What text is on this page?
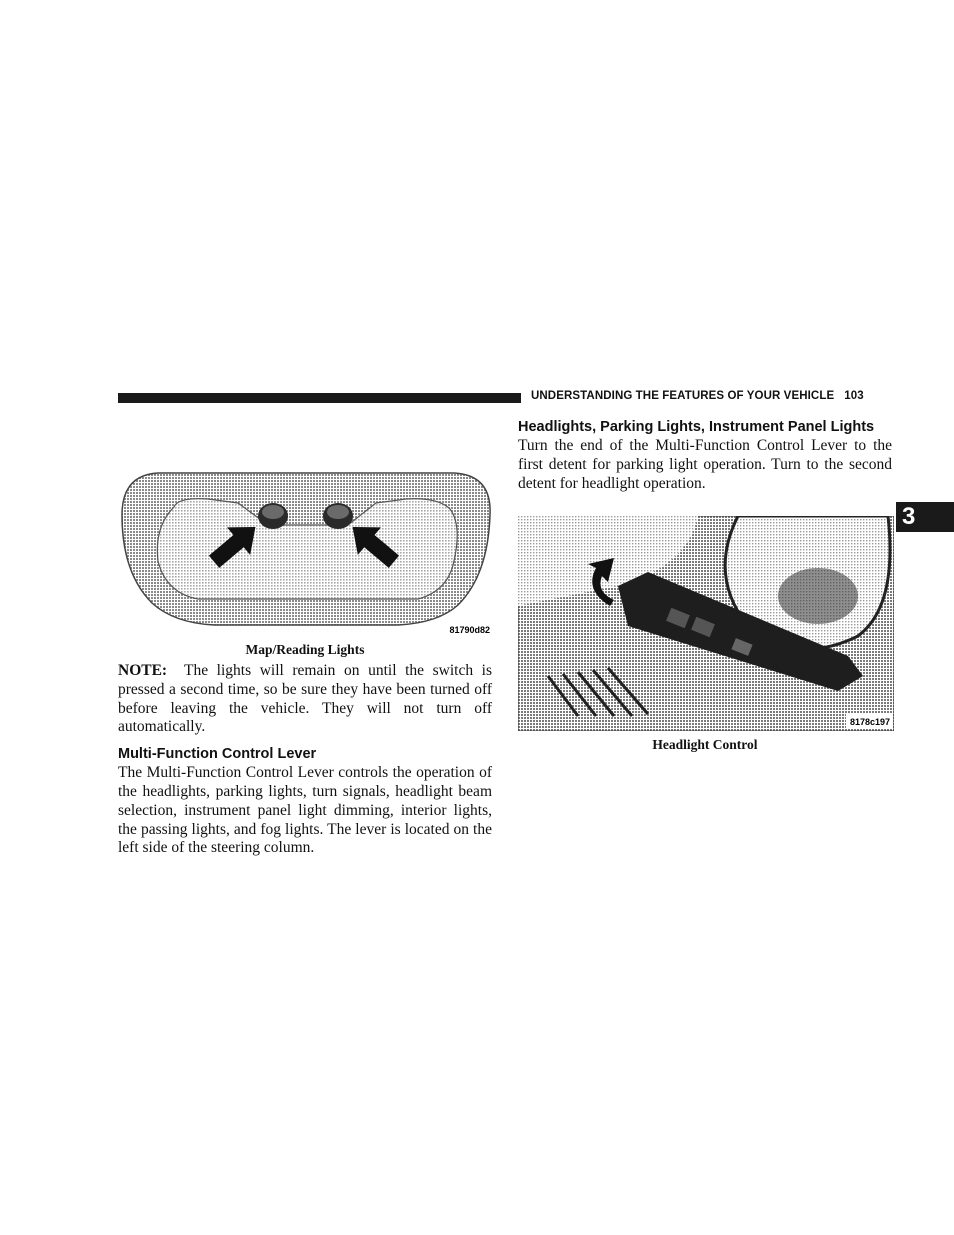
UNDERSTANDING THE FEATURES OF YOUR VEHICLE 103
3
81790d82
Map/Reading Lights

NOTE: The lights will remain on until the switch is pressed a second time, so be sure they have been turned off before leaving the vehicle. They will not turn off automatically.

Multi-Function Control Lever

The Multi-Function Control Lever controls the operation of the headlights, parking lights, turn signals, headlight beam selection, instrument panel light dimming, interior lights, the passing lights, and fog lights. The lever is located on the left side of the steering column.

Headlights, Parking Lights, Instrument Panel Lights

Turn the end of the Multi-Function Control Lever to the first detent for parking light operation. Turn to the second detent for headlight operation.

8178c197
Headlight Control
